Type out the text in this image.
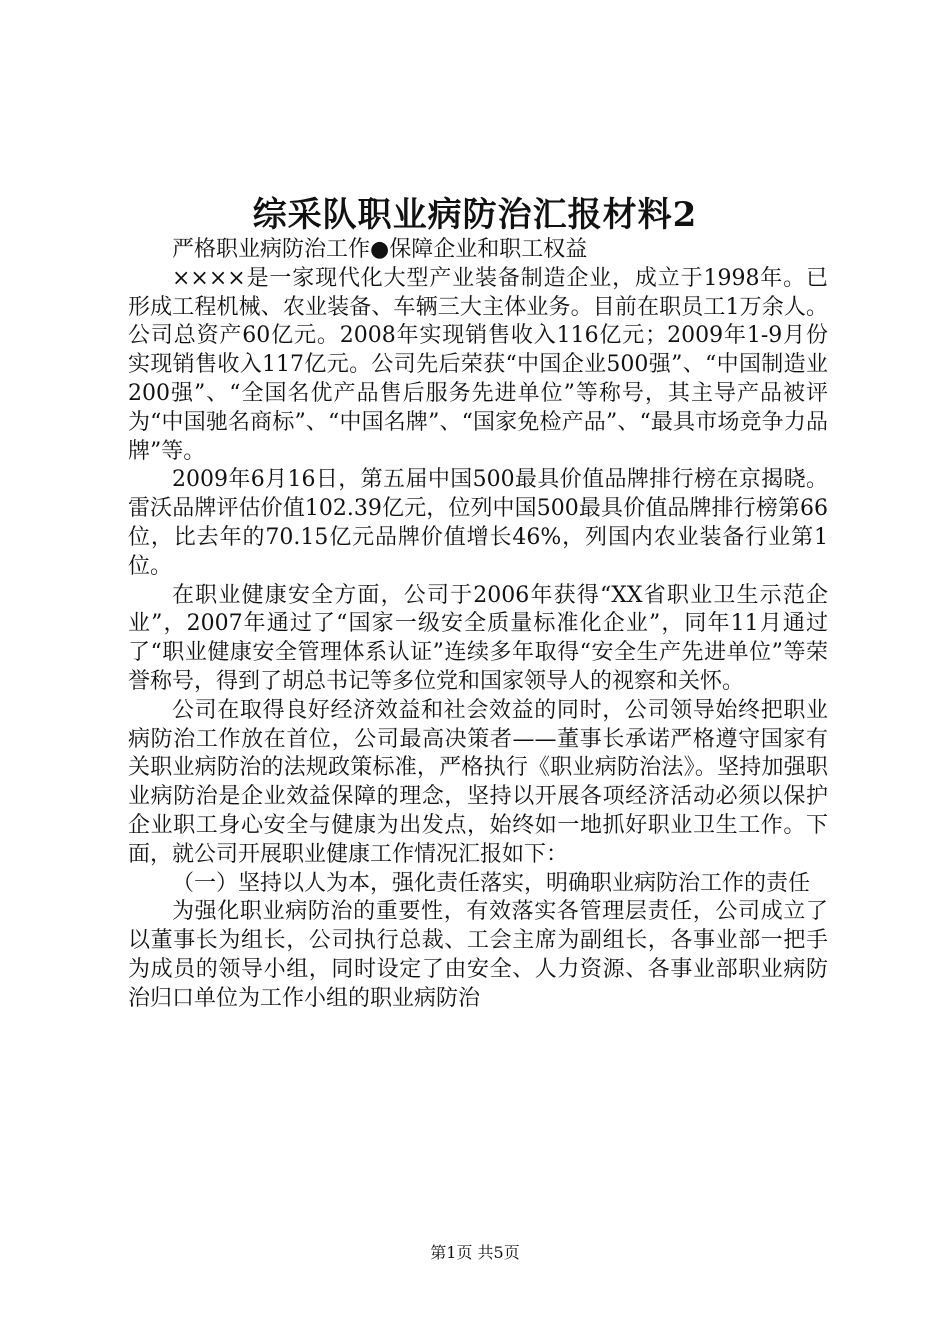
综采队职业病防治汇报材料2

严格职业病防治工作●保障企业和职工权益

××××是一家现代化大型产业装备制造企业，成立于1998年。已形成工程机械、农业装备、车辆三大主体业务。目前在职员工1万余人。公司总资产60亿元。2008年实现销售收入116亿元；2009年1-9月份实现销售收入117亿元。公司先后荣获“中国企业500强”、“中国制造业200强”、“全国名优产品售后服务先进单位”等称号，其主导产品被评为“中国驰名商标”、“中国名牌”、“国家免检产品”、“最具市场竞争力品牌”等。

2009年6月16日，第五届中国500最具价值品牌排行榜在京揭晓。雷沃品牌评估价值102.39亿元，位列中国500最具价值品牌排行榜第66位，比去年的70.15亿元品牌价值增长46%，列国内农业装备行业第1位。

在职业健康安全方面，公司于2006年获得“XX省职业卫生示范企业”，2007年通过了“国家一级安全质量标准化企业”，同年11月通过了“职业健康安全管理体系认证”连续多年取得“安全生产先进单位”等荣誉称号，得到了胡总书记等多位党和国家领导人的视察和关怀。

公司在取得良好经济效益和社会效益的同时，公司领导始终把职业病防治工作放在首位，公司最高决策者——董事长承诺严格遵守国家有关职业病防治的法规政策标准，严格执行《职业病防治法》。坚持加强职业病防治是企业效益保障的理念，坚持以开展各项经济活动必须以保护企业职工身心安全与健康为出发点，始终如一地抓好职业卫生工作。下面，就公司开展职业健康工作情况汇报如下：

（一）坚持以人为本，强化责任落实，明确职业病防治工作的责任

为强化职业病防治的重要性，有效落实各管理层责任，公司成立了以董事长为组长，公司执行总裁、工会主席为副组长，各事业部一把手为成员的领导小组，同时设定了由安全、人力资源、各事业部职业病防治归口单位为工作小组的职业病防治

第1页 共5页
